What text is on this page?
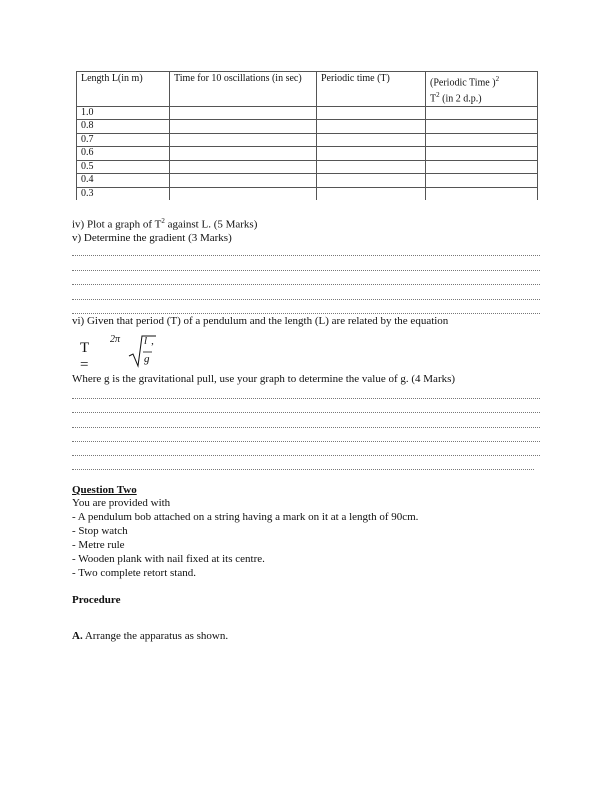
Length L(in m)	Time for 10 oscillations (in sec)	Periodic time (T)	(Periodic Time )$^2$
$T^2$ (in 2 d.p.)
1.0			
0.8			
0.7			
0.6			
0.5			
0.4			
0.3			
iv) Plot a graph of $T^2$ against L. (5 Marks)
v) Determine the gradient (3 Marks)
vi) Given that period (T) of a pendulum and the length (L) are related by the equation
T =
2π l ,
g
Where g is the gravitational pull, use your graph to determine the value of g. (4 Marks)
Question Two
You are provided with
- A pendulum bob attached on a string having a mark on it at a length of 90cm.
- Stop watch
- Metre rule
- Wooden plank with nail fixed at its centre.
- Two complete retort stand.
Procedure
A. Arrange the apparatus as shown.
